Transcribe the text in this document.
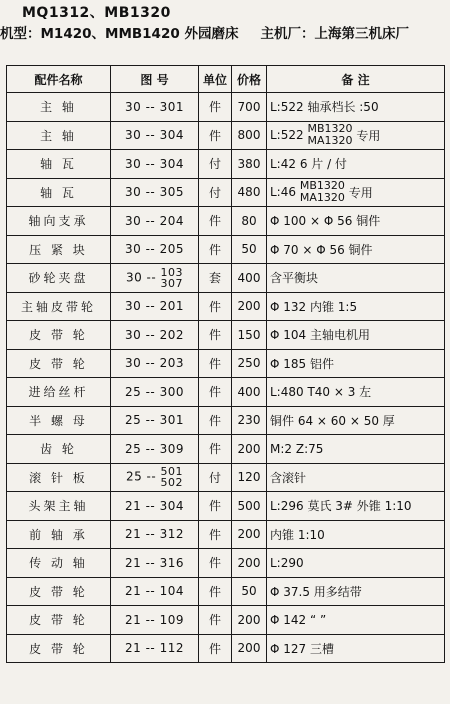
MQ1312、MB1320
机型：M1420、MMB1420 外园磨床 主机厂：上海第三机床厂
配件名称	图 号	单位	价格	备 注
主 轴	30 -- 301	件	700	L:522 轴承档长 :50
主 轴	30 -- 304	件	800	L:522 MB1320
MA1320 专用
轴 瓦	30 -- 304	付	380	L:42 6 片 / 付
轴 瓦	30 -- 305	付	480	L:46 MB1320
MA1320 专用
轴向支承	30 -- 204	件	80	Φ 100 × Φ 56 铜件
压 紧 块	30 -- 205	件	50	Φ 70 × Φ 56 铜件
砂轮夹盘	30 -- 103
307	套	400	含平衡块
主轴皮带轮	30 -- 201	件	200	Φ 132 内锥 1:5
皮 带 轮	30 -- 202	件	150	Φ 104 主轴电机用
皮 带 轮	30 -- 203	件	250	Φ 185 铝件
进给丝杆	25 -- 300	件	400	L:480 T40 × 3 左
半 螺 母	25 -- 301	件	230	铜件 64 × 60 × 50 厚
齿 轮	25 -- 309	件	200	M:2 Z:75
滚 针 板	25 -- 501
502	付	120	含滚针
头架主轴	21 -- 304	件	500	L:296 莫氏 3# 外锥 1:10
前 轴 承	21 -- 312	件	200	内锥 1:10
传 动 轴	21 -- 316	件	200	L:290
皮 带 轮	21 -- 104	件	50	Φ 37.5 用多结带
皮 带 轮	21 -- 109	件	200	Φ 142 “ ”
皮 带 轮	21 -- 112	件	200	Φ 127 三槽
